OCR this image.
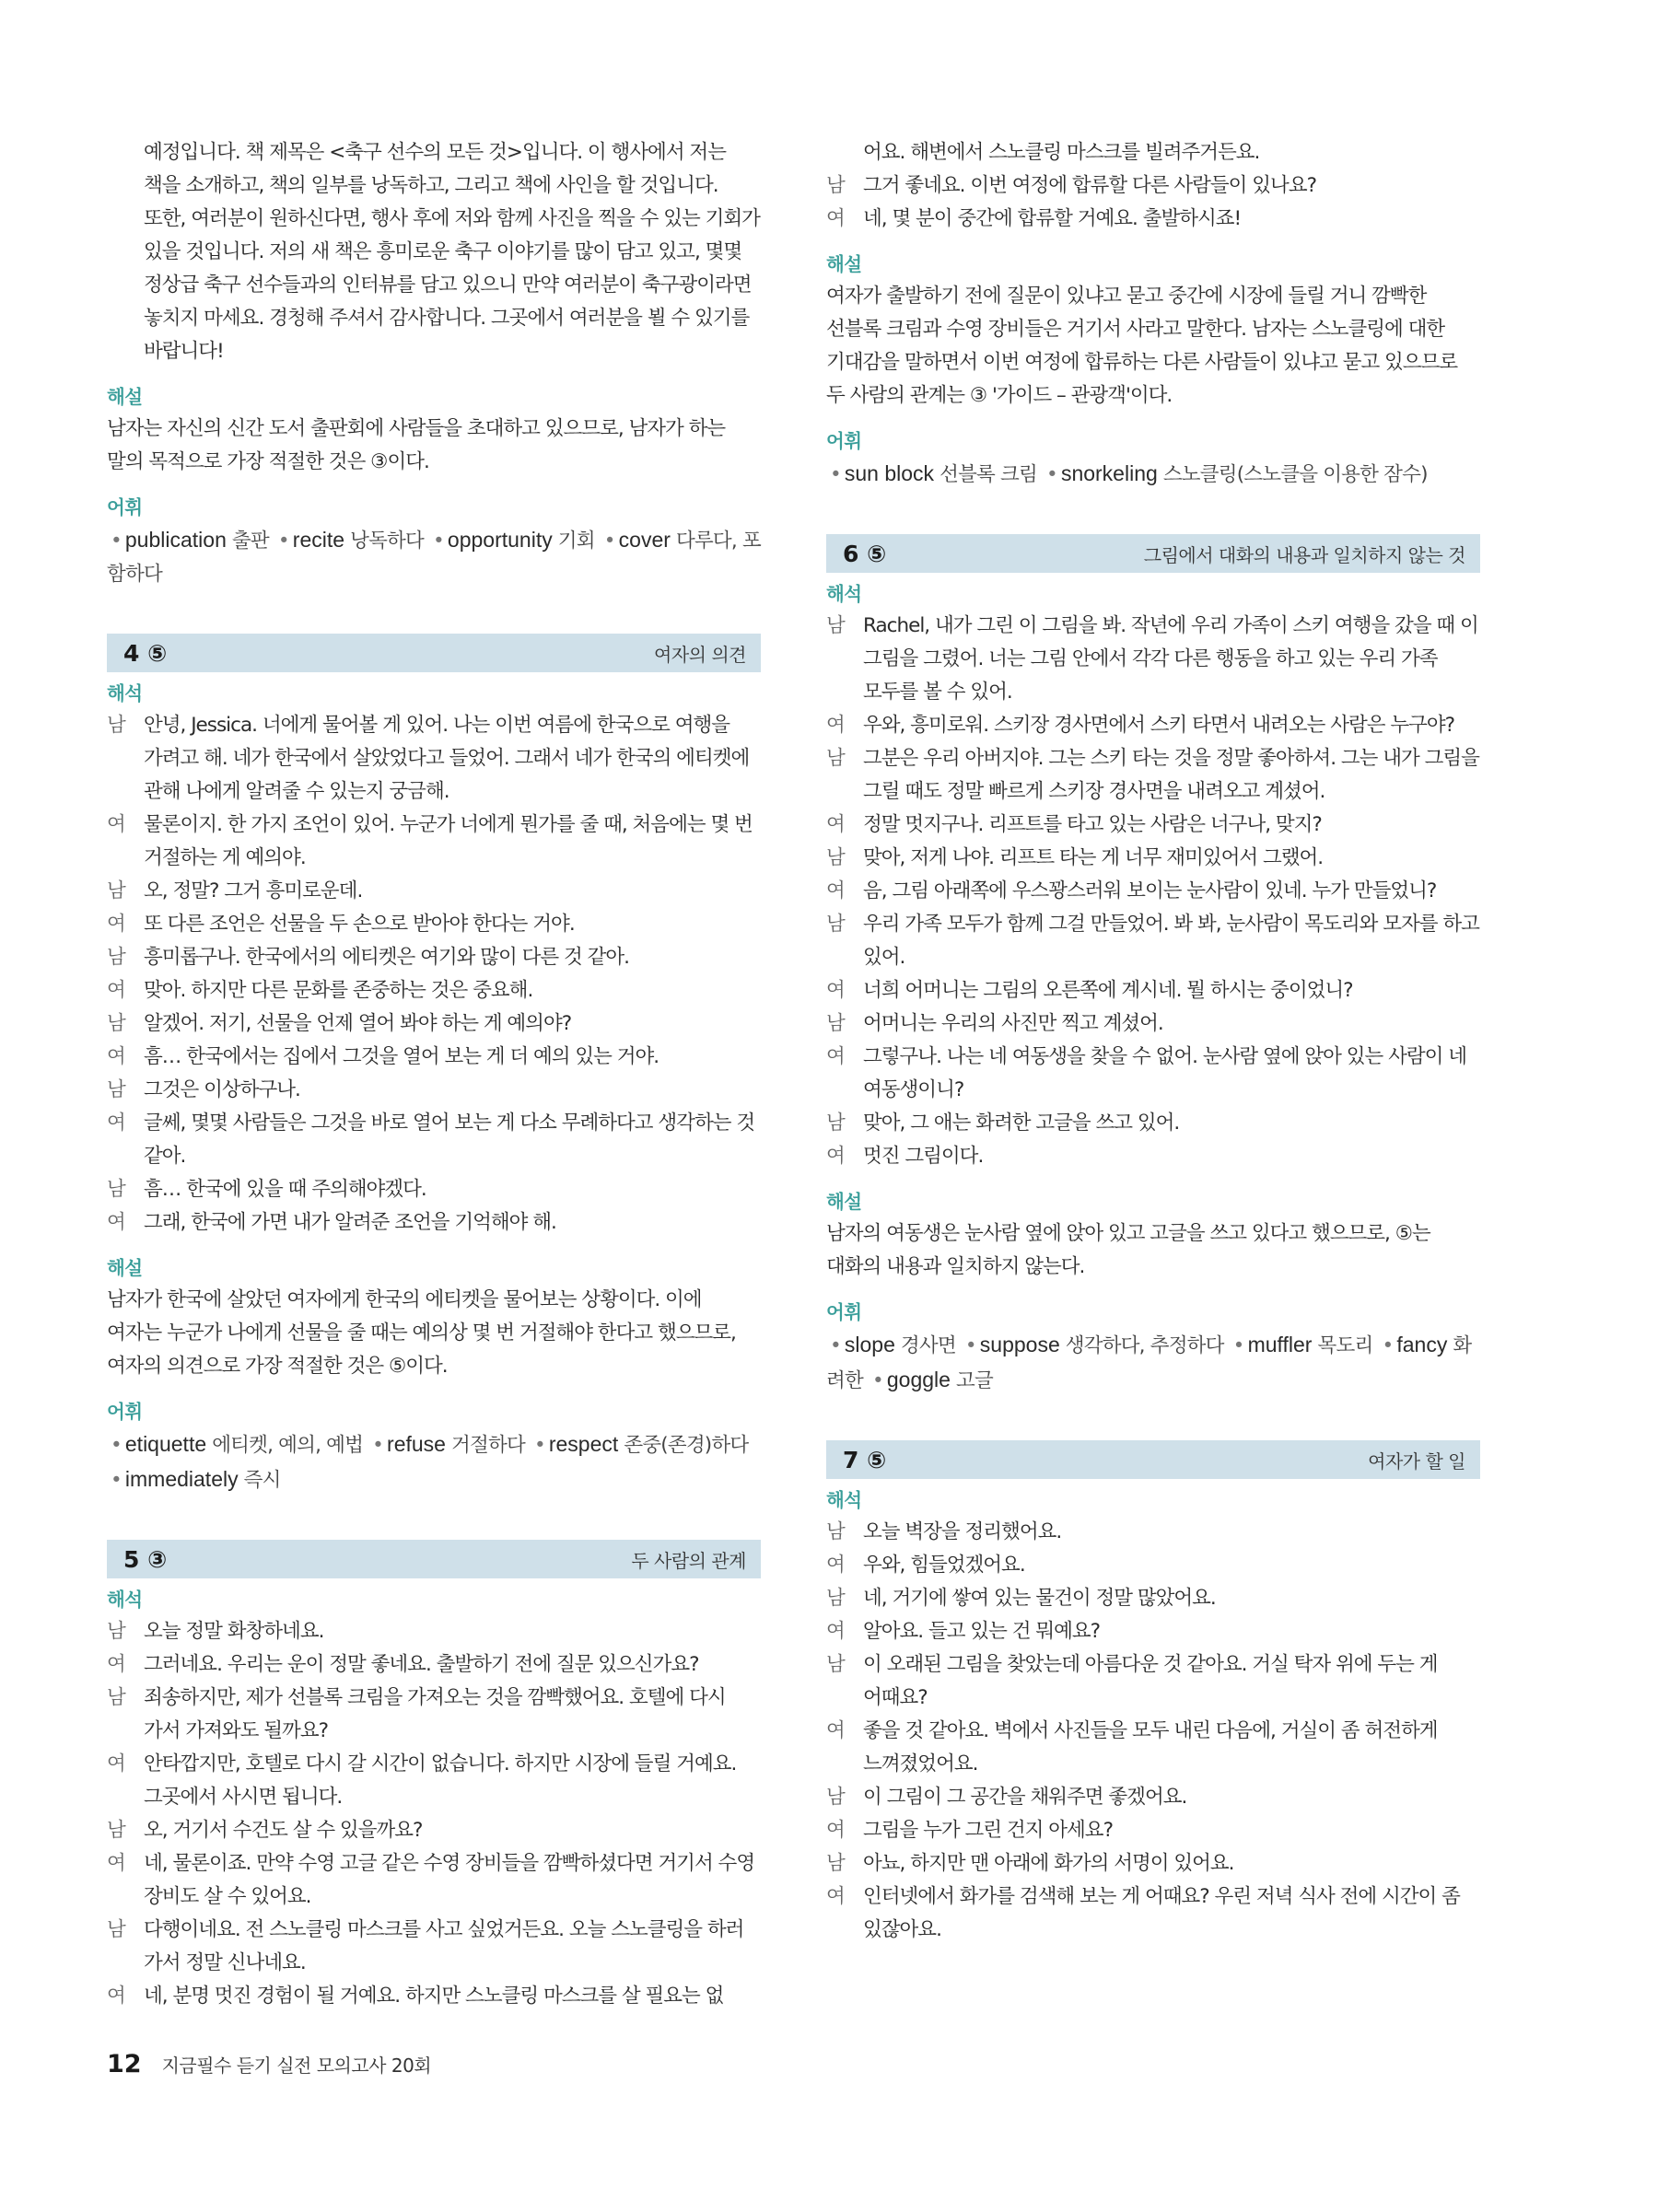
예정입니다. 책 제목은 <축구 선수의 모든 것>입니다. 이 행사에서 저는 책을 소개하고, 책의 일부를 낭독하고, 그리고 책에 사인을 할 것입니다. 또한, 여러분이 원하신다면, 행사 후에 저와 함께 사진을 찍을 수 있는 기회가 있을 것입니다. 저의 새 책은 흥미로운 축구 이야기를 많이 담고 있고, 몇몇 정상급 축구 선수들과의 인터뷰를 담고 있으니 만약 여러분이 축구광이라면 놓치지 마세요. 경청해 주셔서 감사합니다. 그곳에서 여러분을 뵐 수 있기를 바랍니다!
해설
남자는 자신의 신간 도서 출판회에 사람들을 초대하고 있으므로, 남자가 하는 말의 목적으로 가장 적절한 것은 ③이다.
어휘
• publication 출판 • recite 낭독하다 • opportunity 기회 • cover 다루다, 포함하다
4 ⑤	여자의 의견
해석
남 안녕, Jessica. 너에게 물어볼 게 있어. 나는 이번 여름에 한국으로 여행을 가려고 해. 네가 한국에서 살았었다고 들었어. 그래서 네가 한국의 에티켓에 관해 나에게 알려줄 수 있는지 궁금해.
여 물론이지. 한 가지 조언이 있어. 누군가 너에게 뭔가를 줄 때, 처음에는 몇 번 거절하는 게 예의야.
남 오, 정말? 그거 흥미로운데.
여 또 다른 조언은 선물을 두 손으로 받아야 한다는 거야.
남 흥미롭구나. 한국에서의 에티켓은 여기와 많이 다른 것 같아.
여 맞아. 하지만 다른 문화를 존중하는 것은 중요해.
남 알겠어. 저기, 선물을 언제 열어 봐야 하는 게 예의야?
여 흠… 한국에서는 집에서 그것을 열어 보는 게 더 예의 있는 거야.
남 그것은 이상하구나.
여 글쎄, 몇몇 사람들은 그것을 바로 열어 보는 게 다소 무례하다고 생각하는 것 같아.
남 흠… 한국에 있을 때 주의해야겠다.
여 그래, 한국에 가면 내가 알려준 조언을 기억해야 해.
해설
남자가 한국에 살았던 여자에게 한국의 에티켓을 물어보는 상황이다. 이에 여자는 누군가 나에게 선물을 줄 때는 예의상 몇 번 거절해야 한다고 했으므로, 여자의 의견으로 가장 적절한 것은 ⑤이다.
어휘
• etiquette 에티켓, 예의, 예법 • refuse 거절하다 • respect 존중(존경)하다 • immediately 즉시
5 ③	두 사람의 관계
해석
남 오늘 정말 화창하네요.
여 그러네요. 우리는 운이 정말 좋네요. 출발하기 전에 질문 있으신가요?
남 죄송하지만, 제가 선블록 크림을 가져오는 것을 깜빡했어요. 호텔에 다시 가서 가져와도 될까요?
여 안타깝지만, 호텔로 다시 갈 시간이 없습니다. 하지만 시장에 들릴 거예요. 그곳에서 사시면 됩니다.
남 오, 거기서 수건도 살 수 있을까요?
여 네, 물론이죠. 만약 수영 고글 같은 수영 장비들을 깜빡하셨다면 거기서 수영 장비도 살 수 있어요.
남 다행이네요. 전 스노클링 마스크를 사고 싶었거든요. 오늘 스노클링을 하러 가서 정말 신나네요.
여 네, 분명 멋진 경험이 될 거예요. 하지만 스노클링 마스크를 살 필요는 없
어요. 해변에서 스노클링 마스크를 빌려주거든요.
남 그거 좋네요. 이번 여정에 합류할 다른 사람들이 있나요?
여 네, 몇 분이 중간에 합류할 거예요. 출발하시죠!
해설
여자가 출발하기 전에 질문이 있냐고 묻고 중간에 시장에 들릴 거니 깜빡한 선블록 크림과 수영 장비들은 거기서 사라고 말한다. 남자는 스노클링에 대한 기대감을 말하면서 이번 여정에 합류하는 다른 사람들이 있냐고 묻고 있으므로 두 사람의 관계는 ③ '가이드 – 관광객'이다.
어휘
• sun block 선블록 크림 • snorkeling 스노클링(스노클을 이용한 잠수)
6 ⑤	그림에서 대화의 내용과 일치하지 않는 것
해석
남 Rachel, 내가 그린 이 그림을 봐. 작년에 우리 가족이 스키 여행을 갔을 때 이 그림을 그렸어. 너는 그림 안에서 각각 다른 행동을 하고 있는 우리 가족 모두를 볼 수 있어.
여 우와, 흥미로워. 스키장 경사면에서 스키 타면서 내려오는 사람은 누구야?
남 그분은 우리 아버지야. 그는 스키 타는 것을 정말 좋아하셔. 그는 내가 그림을 그릴 때도 정말 빠르게 스키장 경사면을 내려오고 계셨어.
여 정말 멋지구나. 리프트를 타고 있는 사람은 너구나, 맞지?
남 맞아, 저게 나야. 리프트 타는 게 너무 재미있어서 그랬어.
여 음, 그림 아래쪽에 우스꽝스러워 보이는 눈사람이 있네. 누가 만들었니?
남 우리 가족 모두가 함께 그걸 만들었어. 봐 봐, 눈사람이 목도리와 모자를 하고 있어.
여 너희 어머니는 그림의 오른쪽에 계시네. 뭘 하시는 중이었니?
남 어머니는 우리의 사진만 찍고 계셨어.
여 그렇구나. 나는 네 여동생을 찾을 수 없어. 눈사람 옆에 앉아 있는 사람이 네 여동생이니?
남 맞아, 그 애는 화려한 고글을 쓰고 있어.
여 멋진 그림이다.
해설
남자의 여동생은 눈사람 옆에 앉아 있고 고글을 쓰고 있다고 했으므로, ⑤는 대화의 내용과 일치하지 않는다.
어휘
• slope 경사면 • suppose 생각하다, 추정하다 • muffler 목도리 • fancy 화려한 • goggle 고글
7 ⑤	여자가 할 일
해석
남 오늘 벽장을 정리했어요.
여 우와, 힘들었겠어요.
남 네, 거기에 쌓여 있는 물건이 정말 많았어요.
여 알아요. 들고 있는 건 뭐예요?
남 이 오래된 그림을 찾았는데 아름다운 것 같아요. 거실 탁자 위에 두는 게 어때요?
여 좋을 것 같아요. 벽에서 사진들을 모두 내린 다음에, 거실이 좀 허전하게 느껴졌었어요.
남 이 그림이 그 공간을 채워주면 좋겠어요.
여 그림을 누가 그린 건지 아세요?
남 아뇨, 하지만 맨 아래에 화가의 서명이 있어요.
여 인터넷에서 화가를 검색해 보는 게 어때요? 우린 저녁 식사 전에 시간이 좀 있잖아요.
12 지금필수 듣기 실전 모의고사 20회
